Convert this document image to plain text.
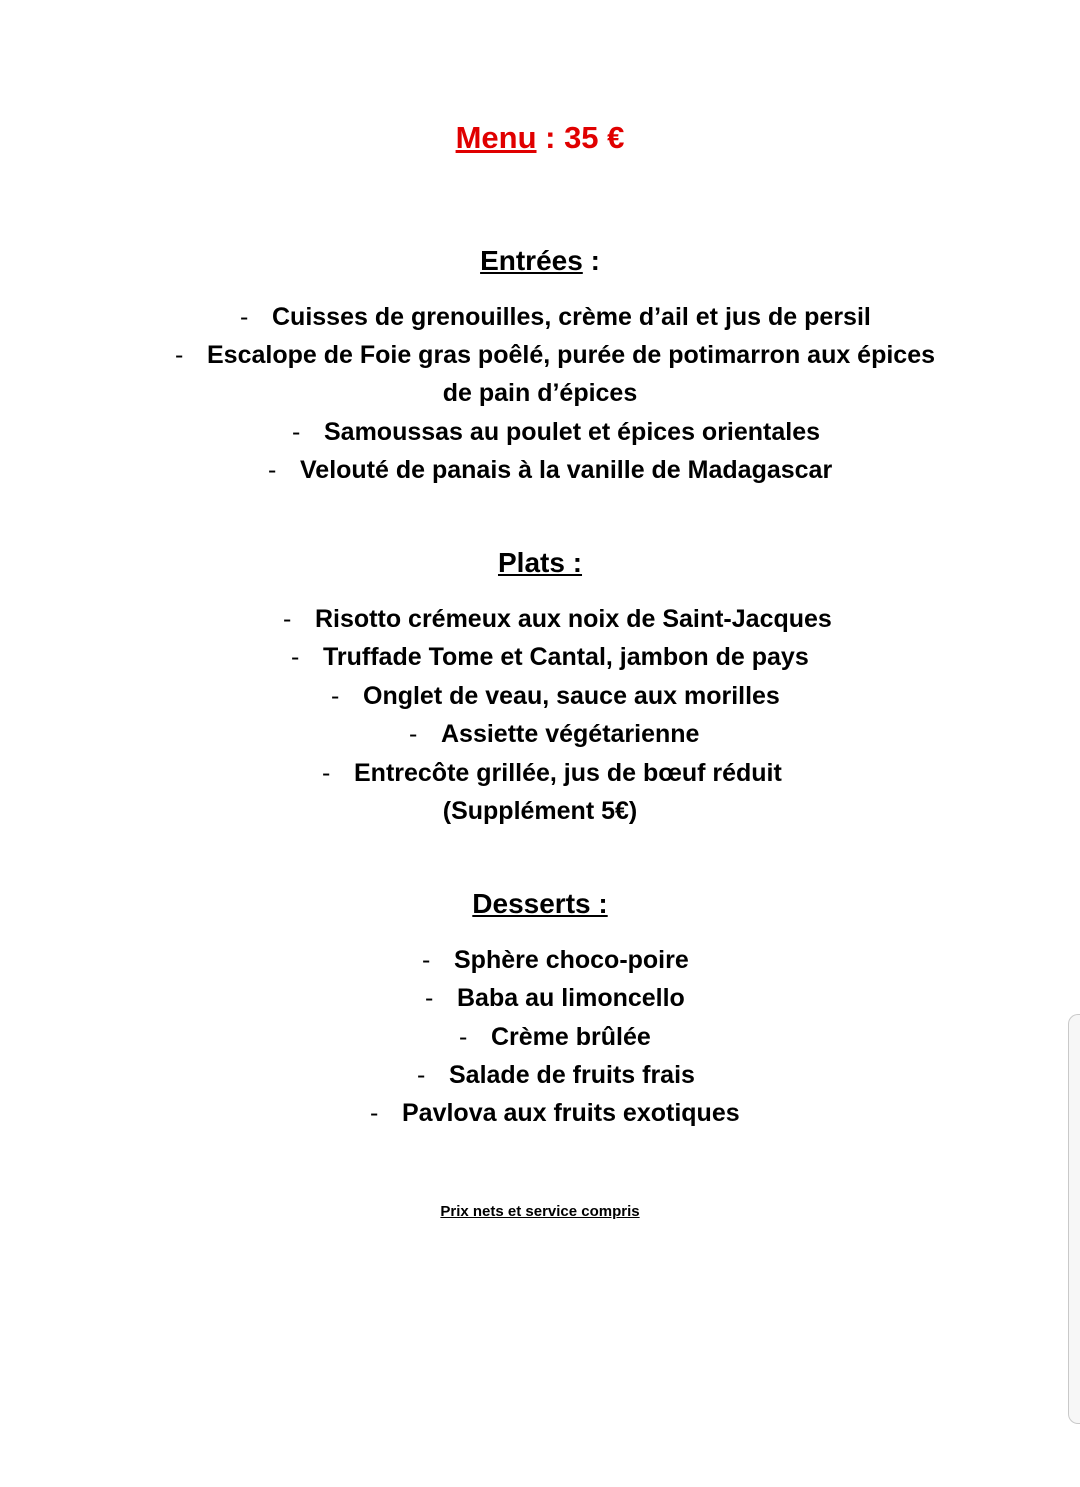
Menu : 35 €
Entrées :
- Cuisses de grenouilles, crème d’ail et jus de persil
- Escalope de Foie gras poêlé, purée de potimarron aux épices
de pain d’épices
- Samoussas au poulet et épices orientales
- Velouté de panais à la vanille de Madagascar
Plats :
- Risotto crémeux aux noix de Saint-Jacques
- Truffade Tome et Cantal, jambon de pays
- Onglet de veau, sauce aux morilles
- Assiette végétarienne
- Entrecôte grillée, jus de bœuf réduit
(Supplément 5€)
Desserts :
- Sphère choco-poire
- Baba au limoncello
- Crème brûlée
- Salade de fruits frais
- Pavlova aux fruits exotiques
Prix nets et service compris
